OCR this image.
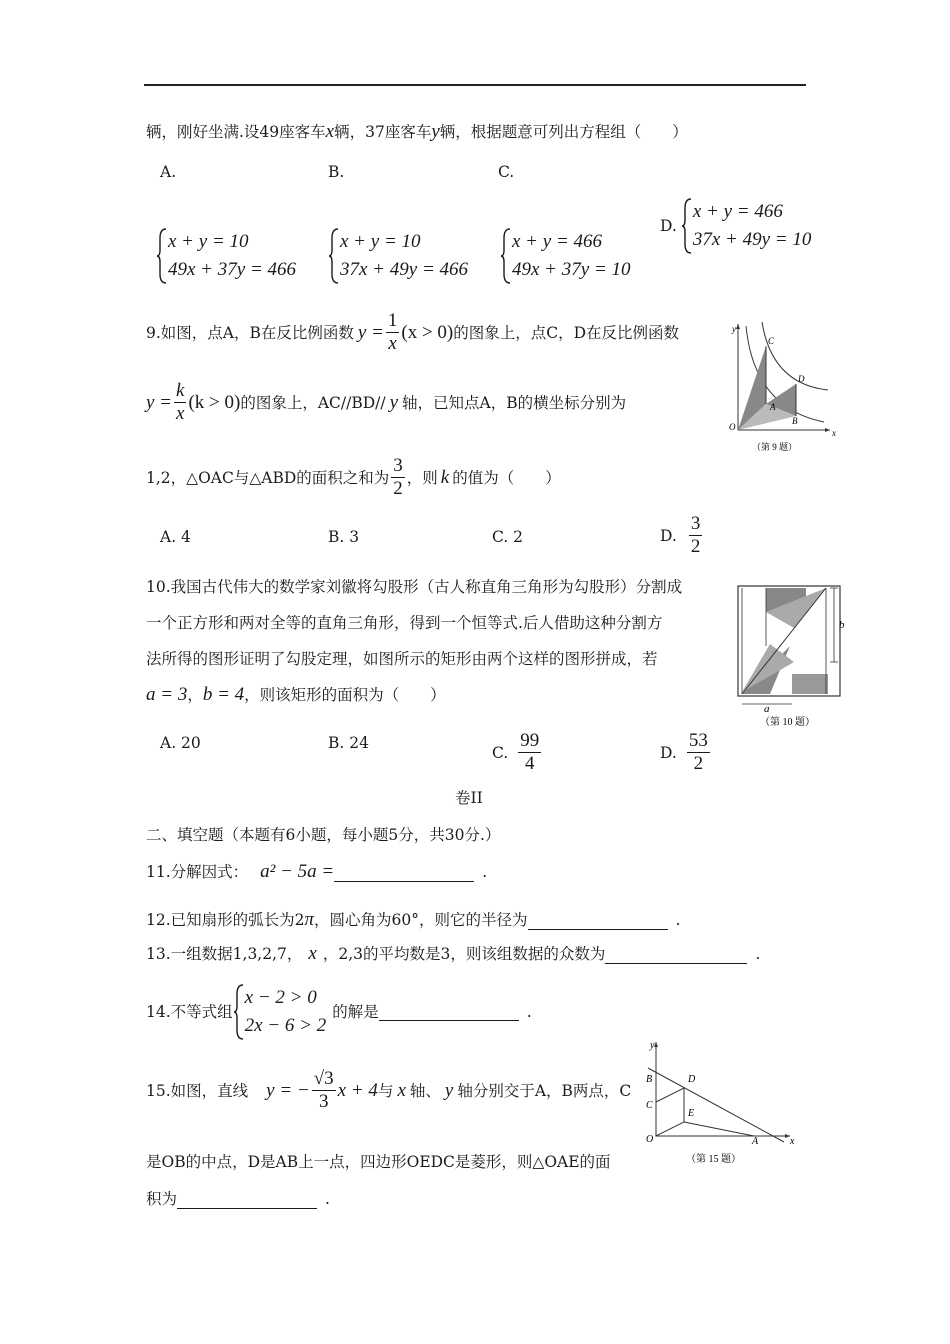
辆，刚好坐满.设49座客车x辆，37座客车y辆，根据题意可列出方程组（　　）
A.	B.	C.
x + y = 10
49x + 37y = 466
x + y = 10
37x + 49y = 466
x + y = 466
49x + 37y = 10
D.
x + y = 466
37x + 49y = 10
9.如图，点A，B在反比例函数 $y = \frac{1}{x} (x > 0)$ 的图象上，点C，D在反比例函数
$y = \frac{k}{x} (k > 0)$ 的图象上，AC//BD// y 轴，已知点A，B的横坐标分别为
1,2，△OAC与△ABD的面积之和为 $\frac{3}{2}$ ，则 k 的值为（　　）
A. 4	B. 3	C. 2	D. $\frac{3}{2}$
y
x
O
C
D
A
B
（第 9 题）
10.我国古代伟大的数学家刘徽将勾股形（古人称直角三角形为勾股形）分割成
一个正方形和两对全等的直角三角形，得到一个恒等式.后人借助这种分割方
法所得的图形证明了勾股定理，如图所示的矩形由两个这样的图形拼成，若
a = 3，b = 4，则该矩形的面积为（　　）
A. 20	B. 24
C. $\frac{99}{4}$	D. $\frac{53}{2}$
b
a
（第 10 题）
卷II
二、填空题（本题有6小题，每小题5分，共30分.）
11.分解因式： a² − 5a =	.
12.已知扇形的弧长为2 π ，圆心角为60°，则它的半径为	.
13.一组数据1,3,2,7， x ，2,3的平均数是3，则该组数据的众数为	.
14.不等式组
x − 2 > 0
2x − 6 > 2
的解是	.
15.如图，直线 y = − $\frac{√3}{3}$ x + 4 与 x 轴、 y 轴分别交于A，B两点，C
是OB的中点，D是AB上一点，四边形OEDC是菱形，则△OAE的面
积为	.
y
x
O
B
C
D
E
A
（第 15 题）
